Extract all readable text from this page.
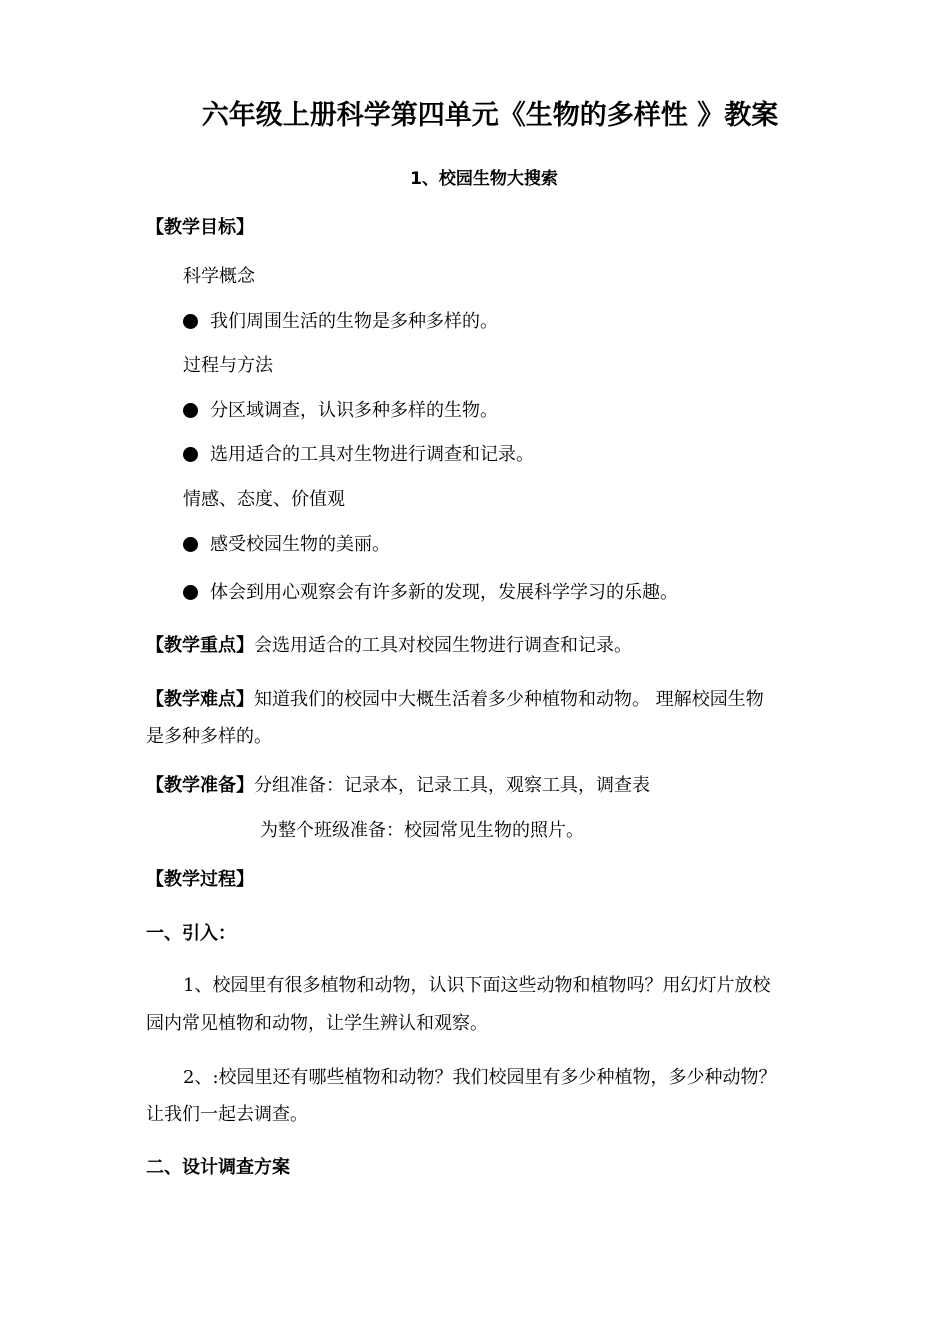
六年级上册科学第四单元《生物的多样性 》教案
1、校园生物大搜索
【教学目标】
科学概念
我们周围生活的生物是多种多样的。
过程与方法
分区域调查，认识多种多样的生物。
选用适合的工具对生物进行调查和记录。
情感、态度、价值观
感受校园生物的美丽。
体会到用心观察会有许多新的发现，发展科学学习的乐趣。
【教学重点】会选用适合的工具对校园生物进行调查和记录。
【教学难点】知道我们的校园中大概生活着多少种植物和动物。 理解校园生物
是多种多样的。
【教学准备】分组准备：记录本，记录工具，观察工具，调查表
为整个班级准备：校园常见生物的照片。
【教学过程】
一、引入：
1、校园里有很多植物和动物，认识下面这些动物和植物吗？用幻灯片放校
园内常见植物和动物，让学生辨认和观察。
2、:校园里还有哪些植物和动物？我们校园里有多少种植物，多少种动物？
让我们一起去调查。
二、设计调查方案
